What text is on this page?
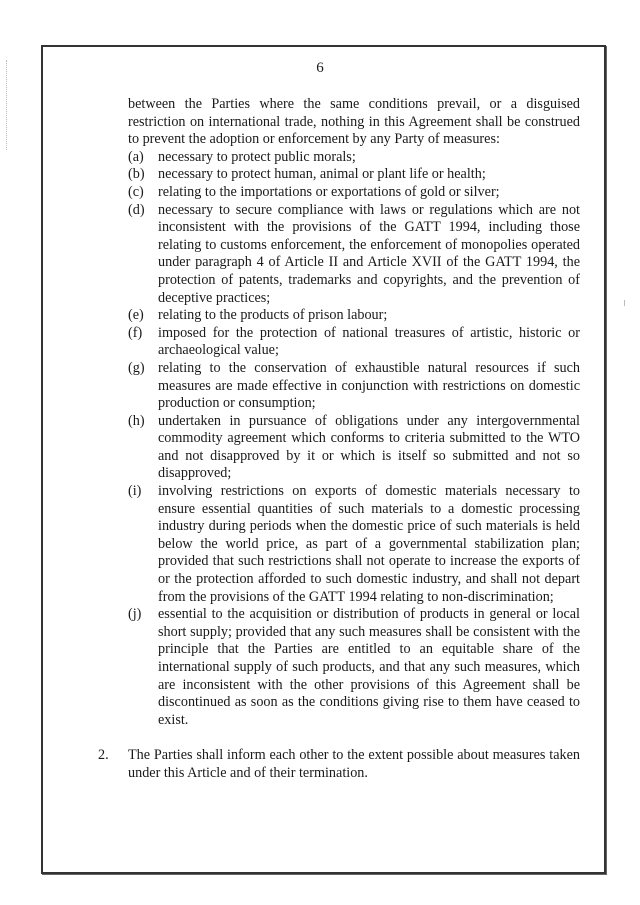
6

between the Parties where the same conditions prevail, or a disguised restriction on international trade, nothing in this Agreement shall be construed to prevent the adoption or enforcement by any Party of measures:

(a)	necessary to protect public morals;
(b) necessary to protect human, animal or plant life or health;
(c)	relating to the importations or exportations of gold or silver;
(d) necessary to secure compliance with laws or regulations which are not inconsistent with the provisions of the GATT 1994, including those relating to customs enforcement, the enforcement of monopolies operated under paragraph 4 of Article II and Article XVII of the GATT 1994, the protection of patents, trademarks and copyrights, and the prevention of deceptive practices;
(e)	relating to the products of prison labour;
(f)	imposed for the protection of national treasures of artistic, historic or archaeological value;
(g) relating to the conservation of exhaustible natural resources if such measures are made effective in conjunction with restrictions on domestic production or consumption;
(h) undertaken in pursuance of obligations under any intergovernmental commodity agreement which conforms to criteria submitted to the WTO and not disapproved by it or which is itself so submitted and not so disapproved;
(i)	involving restrictions on exports of domestic materials necessary to ensure essential quantities of such materials to a domestic processing industry during periods when the domestic price of such materials is held below the world price, as part of a governmental stabilization plan; provided that such restrictions shall not operate to increase the exports of or the protection afforded to such domestic industry, and shall not depart from the provisions of the GATT 1994 relating to non-discrimination;
(j)	essential to the acquisition or distribution of products in general or local short supply; provided that any such measures shall be consistent with the principle that the Parties are entitled to an equitable share of the international supply of such products, and that any such measures, which are inconsistent with the other provisions of this Agreement shall be discontinued as soon as the conditions giving rise to them have ceased to exist.
2.	The Parties shall inform each other to the extent possible about measures taken under this Article and of their termination.
